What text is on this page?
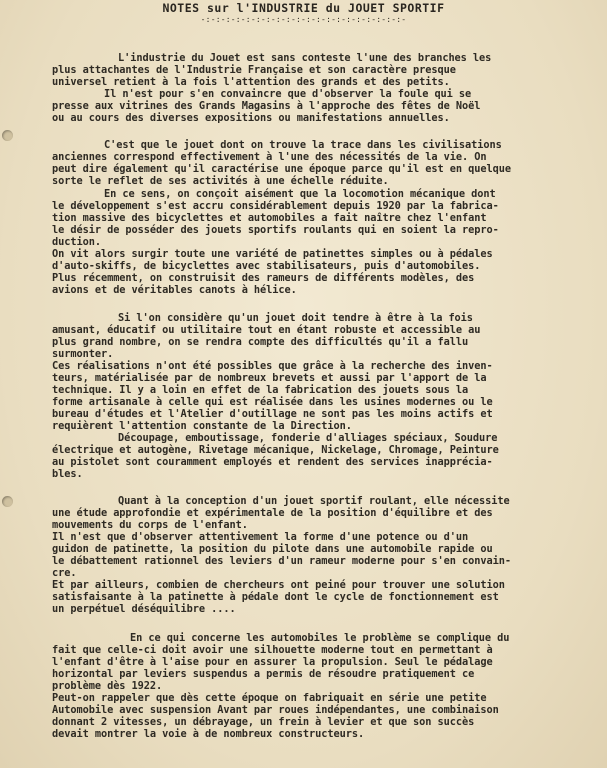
NOTES sur l'INDUSTRIE du JOUET SPORTIF
-:-:-:-:-:-:-:-:-:-:-:-:-:-:-:-:-:-:-:-:-
L'industrie du Jouet est sans conteste l'une des branches les
plus attachantes de l'Industrie Française et son caractère presque
universel retient à la fois l'attention des grands et des petits.
Il n'est pour s'en convaincre que d'observer la foule qui se
presse aux vitrines des Grands Magasins à l'approche des fêtes de Noël
ou au cours des diverses expositions ou manifestations annuelles.
C'est que le jouet dont on trouve la trace dans les civilisations
anciennes correspond effectivement à l'une des nécessités de la vie. On
peut dire également qu'il caractérise une époque parce qu'il est en quelque
sorte le reflet de ses activités à une échelle réduite.
En ce sens, on conçoit aisément que la locomotion mécanique dont
le développement s'est accru considérablement depuis 1920 par la fabrica-
tion massive des bicyclettes et automobiles a fait naître chez l'enfant
le désir de posséder des jouets sportifs roulants qui en soient la repro-
duction.
On vit alors surgir toute une variété de patinettes simples ou à pédales
d'auto-skiffs, de bicyclettes avec stabilisateurs, puis d'automobiles.
Plus récemment, on construisit des rameurs de différents modèles, des
avions et de véritables canots à hélice.
Si l'on considère qu'un jouet doit tendre à être à la fois
amusant, éducatif ou utilitaire tout en étant robuste et accessible au
plus grand nombre, on se rendra compte des difficultés qu'il a fallu
surmonter.
Ces réalisations n'ont été possibles que grâce à la recherche des inven-
teurs, matérialisée par de nombreux brevets et aussi par l'apport de la
technique. Il y a loin en effet de la fabrication des jouets sous la
forme artisanale à celle qui est réalisée dans les usines modernes ou le
bureau d'études et l'Atelier d'outillage ne sont pas les moins actifs et
requièrent l'attention constante de la Direction.
Découpage, emboutissage, fonderie d'alliages spéciaux, Soudure
électrique et autogène, Rivetage mécanique, Nickelage, Chromage, Peinture
au pistolet sont couramment employés et rendent des services inappréciа-
bles.
Quant à la conception d'un jouet sportif roulant, elle nécessite
une étude approfondie et expérimentale de la position d'équilibre et des
mouvements du corps de l'enfant.
Il n'est que d'observer attentivement la forme d'une potence ou d'un
guidon de patinette, la position du pilote dans une automobile rapide ou
le débattement rationnel des leviers d'un rameur moderne pour s'en convain-
cre.
Et par ailleurs, combien de chercheurs ont peiné pour trouver une solution
satisfaisante à la patinette à pédale dont le cycle de fonctionnement est
un perpétuel déséquilibre ....
En ce qui concerne les automobiles le problème se complique du
fait que celle-ci doit avoir une silhouette moderne tout en permettant à
l'enfant d'être à l'aise pour en assurer la propulsion. Seul le pédalage
horizontal par leviers suspendus a permis de résoudre pratiquement ce
problème dès 1922.
Peut-on rappeler que dès cette époque on fabriquait en série une petite
Automobile avec suspension Avant par roues indépendantes, une combinaison
donnant 2 vitesses, un débrayage, un frein à levier et que son succès
devait montrer la voie à de nombreux constructeurs.
